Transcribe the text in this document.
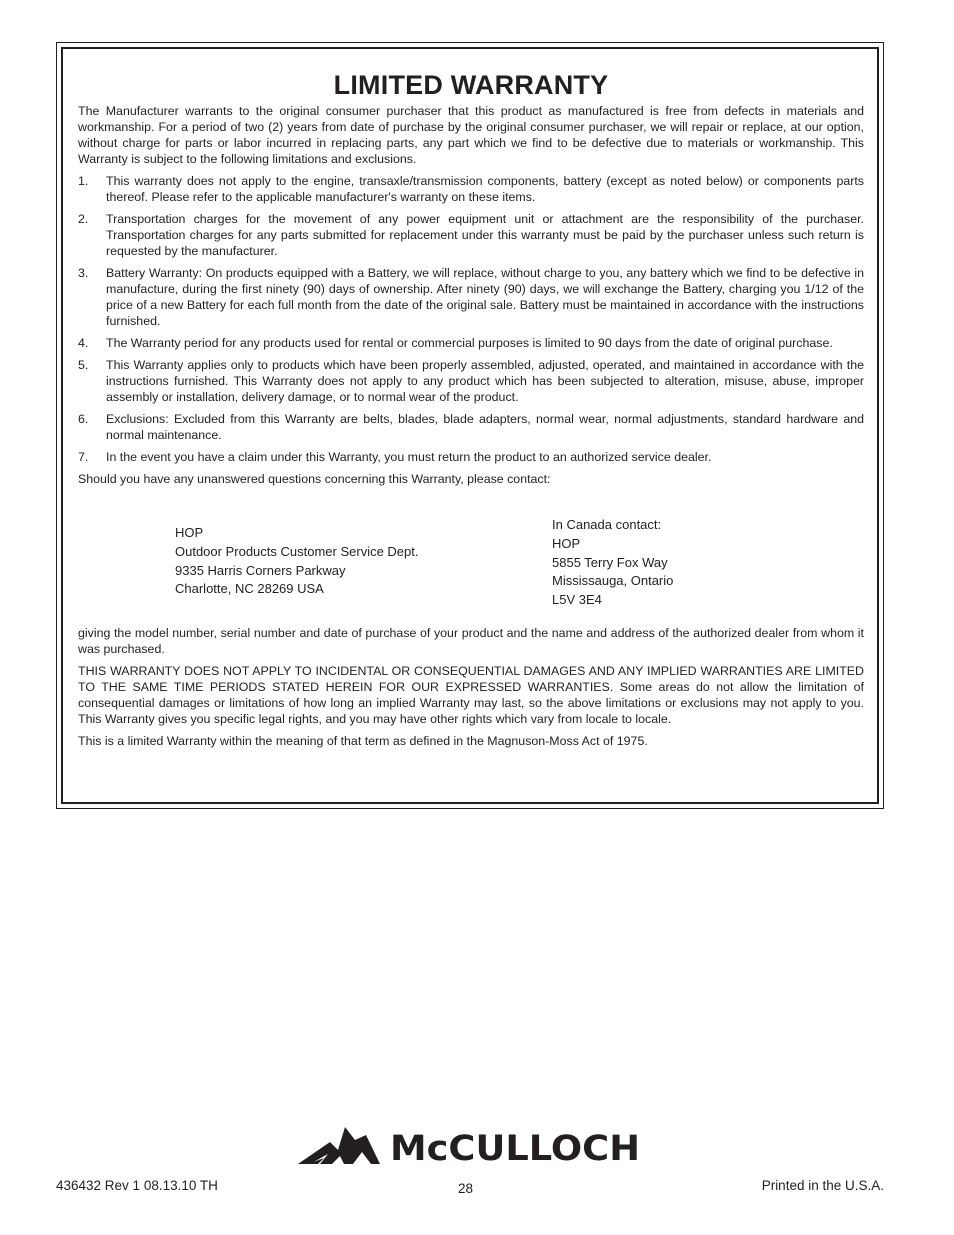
LIMITED WARRANTY

The Manufacturer warrants to the original consumer purchaser that this product as manufactured is free from defects in materials and workmanship. For a period of two (2) years from date of purchase by the original consumer purchaser, we will repair or replace, at our option, without charge for parts or labor incurred in replacing parts, any part which we find to be defective due to materials or workmanship. This Warranty is subject to the following limitations and exclusions.

1. This warranty does not apply to the engine, transaxle/transmission components, battery (except as noted below) or components parts thereof. Please refer to the applicable manufacturer's warranty on these items.
2. Transportation charges for the movement of any power equipment unit or attachment are the responsibility of the purchaser. Transportation charges for any parts submitted for replacement under this warranty must be paid by the purchaser unless such return is requested by the manufacturer.
3. Battery Warranty: On products equipped with a Battery, we will replace, without charge to you, any battery which we find to be defective in manufacture, during the first ninety (90) days of ownership. After ninety (90) days, we will exchange the Battery, charging you 1/12 of the price of a new Battery for each full month from the date of the original sale. Battery must be maintained in accordance with the instructions furnished.
4. The Warranty period for any products used for rental or commercial purposes is limited to 90 days from the date of original purchase.
5. This Warranty applies only to products which have been properly assembled, adjusted, operated, and maintained in accordance with the instructions furnished. This Warranty does not apply to any product which has been subjected to alteration, misuse, abuse, improper assembly or installation, delivery damage, or to normal wear of the product.
6. Exclusions: Excluded from this Warranty are belts, blades, blade adapters, normal wear, normal adjustments, standard hardware and normal maintenance.
7. In the event you have a claim under this Warranty, you must return the product to an authorized service dealer.

Should you have any unanswered questions concerning this Warranty, please contact:

HOP
Outdoor Products Customer Service Dept.
9335 Harris Corners Parkway
Charlotte, NC 28269 USA
In Canada contact:
HOP
5855 Terry Fox Way
Mississauga, Ontario
L5V 3E4

giving the model number, serial number and date of purchase of your product and the name and address of the authorized dealer from whom it was purchased.

THIS WARRANTY DOES NOT APPLY TO INCIDENTAL OR CONSEQUENTIAL DAMAGES AND ANY IMPLIED WARRANTIES ARE LIMITED TO THE SAME TIME PERIODS STATED HEREIN FOR OUR EXPRESSED WARRANTIES. Some areas do not allow the limitation of consequential damages or limitations of how long an implied Warranty may last, so the above limitations or exclusions may not apply to you. This Warranty gives you specific legal rights, and you may have other rights which vary from locale to locale.

This is a limited Warranty within the meaning of that term as defined in the Magnuson-Moss Act of 1975.

McCULLOCH
436432 Rev 1 08.13.10 TH	28	Printed in the U.S.A.
